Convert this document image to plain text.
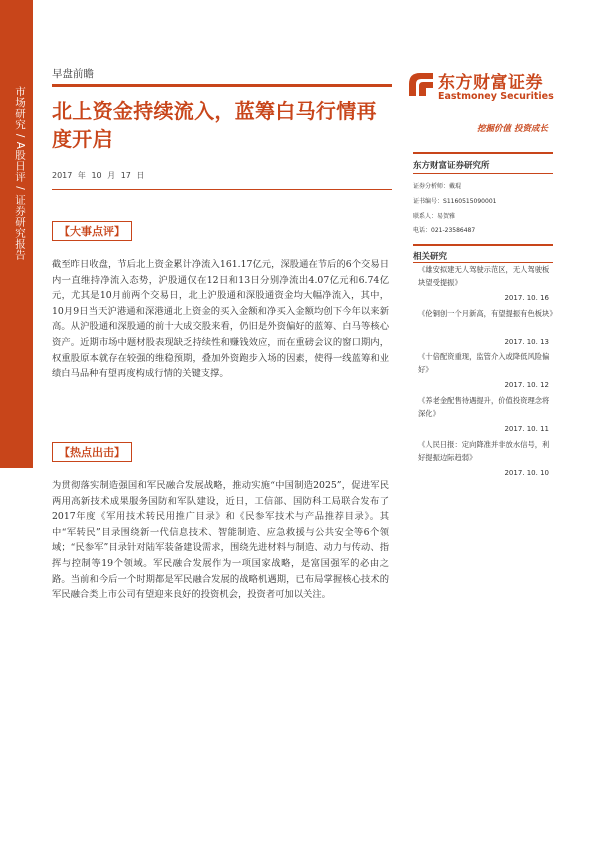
市场研究 / A股日评 / 证券研究报告
早盘前瞻
北上资金持续流入，蓝筹白马行情再度开启
2017 年 10 月 17 日
东方财富证券
Eastmoney Securities
挖掘价值 投资成长
【大事点评】
截至昨日收盘，节后北上资金累计净流入161.17亿元，深股通在节后的6个交易日内一直维持净流入态势，沪股通仅在12日和13日分别净流出4.07亿元和6.74亿元，尤其是10月前两个交易日，北上沪股通和深股通资金均大幅净流入，其中，10月9日当天沪港通和深港通北上资金的买入金额和净买入金额均创下今年以来新高。从沪股通和深股通的前十大成交股来看，仍旧是外资偏好的蓝筹、白马等核心资产。近期市场中题材股表现缺乏持续性和赚钱效应，而在重磅会议的窗口期内，权重股原本就存在较强的维稳预期，叠加外资跑步入场的因素，使得一线蓝筹和业绩白马品种有望再度构成行情的关键支撑。
【热点出击】
为贯彻落实制造强国和军民融合发展战略，推动实施“中国制造2025”，促进军民两用高新技术成果服务国防和军队建设，近日，工信部、国防科工局联合发布了2017年度《军用技术转民用推广目录》和《民参军技术与产品推荐目录》。其中“军转民”目录围绕新一代信息技术、智能制造、应急救援与公共安全等6个领域；“民参军”目录针对陆军装备建设需求，围绕先进材料与制造、动力与传动、指挥与控制等19个领域。军民融合发展作为一项国家战略，是富国强军的必由之路。当前和今后一个时期都是军民融合发展的战略机遇期，已布局掌握核心技术的军民融合类上市公司有望迎来良好的投资机会，投资者可加以关注。
东方财富证券研究所
证券分析师：戴琨
证书编号：S1160515090001
联系人：易贺雅
电话：021-23586487
相关研究
《雄安拟建无人驾驶示范区，无人驾驶板块望受提振》
2017. 10. 16
《伦铜创一个月新高，有望提振有色板块》
2017. 10. 13
《十倍配资重现，监管介入或降低风险偏好》
2017. 10. 12
《养老金配售待遇提升，价值投资理念将深化》
2017. 10. 11
《人民日报：定向降准并非放水信号，利好提振边际趋弱》
2017. 10. 10
